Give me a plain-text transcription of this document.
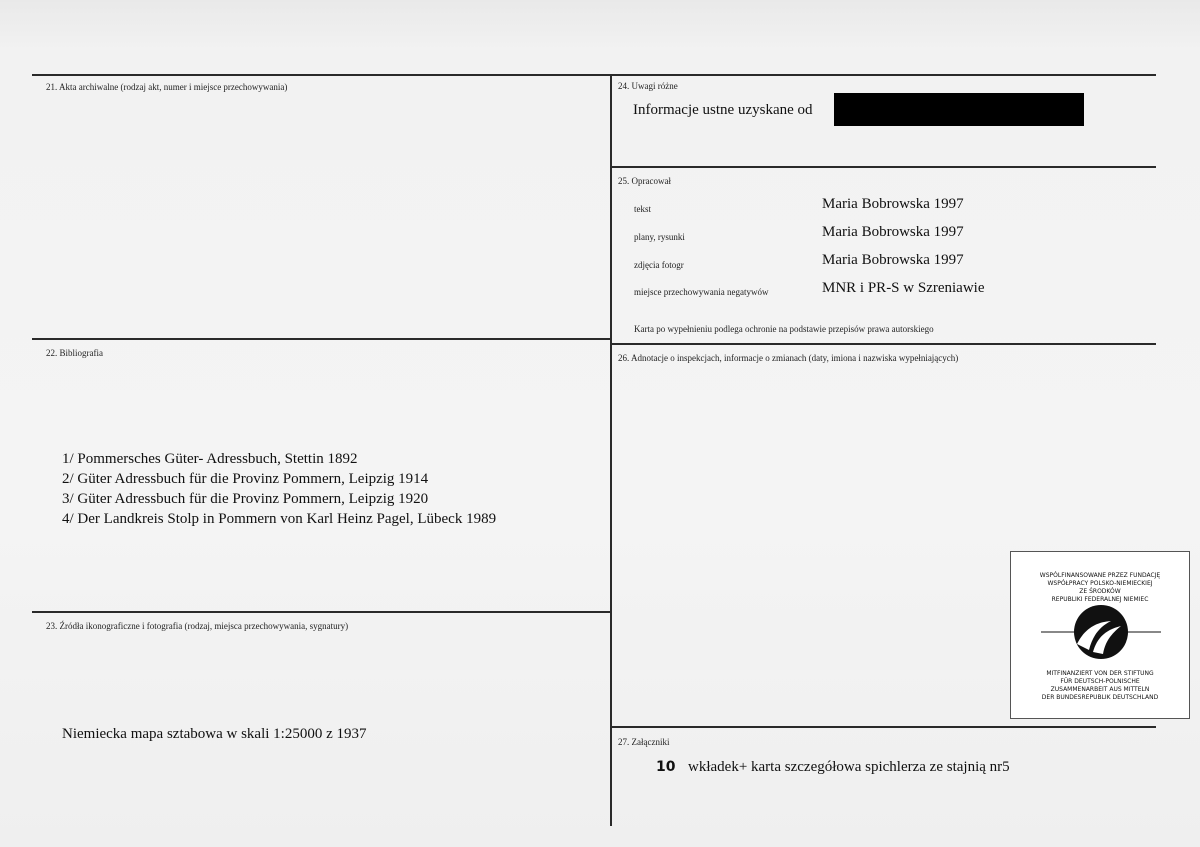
21. Akta archiwalne (rodzaj akt, numer i miejsce przechowywania)
22. Bibliografia
1/ Pommersches Güter- Adressbuch, Stettin 1892
2/ Güter Adressbuch für die Provinz Pommern, Leipzig 1914
3/ Güter Adressbuch für die Provinz Pommern, Leipzig 1920
4/ Der Landkreis Stolp in Pommern von Karl Heinz Pagel, Lübeck 1989
23. Źródła ikonograficzne i fotografia (rodzaj, miejsca przechowywania, sygnatury)
Niemiecka mapa sztabowa w skali 1:25000 z 1937
24. Uwagi różne
Informacje ustne uzyskane od
25. Opracował
tekst	Maria Bobrowska 1997
plany, rysunki	Maria Bobrowska 1997
zdjęcia fotogr	Maria Bobrowska 1997
miejsce przechowywania negatywów	MNR i PR-S w Szreniawie
Karta po wypełnieniu podlega ochronie na podstawie przepisów prawa autorskiego
26. Adnotacje o inspekcjach, informacje o zmianach (daty, imiona i nazwiska wypełniających)
WSPÓLFINANSOWANE PRZEZ FUNDACJĘ
WSPÓŁPRACY POLSKO-NIEMIECKIEJ
ZE ŚRODKÓW
REPUBLIKI FEDERALNEJ NIEMIEC
MITFINANZIERT VON DER STIFTUNG
FÜR DEUTSCH-POLNISCHE
ZUSAMMENARBEIT AUS MITTELN
DER BUNDESREPUBLIK DEUTSCHLAND
27. Załączniki
10 wkładek+ karta szczegółowa spichlerza ze stajnią nr5
